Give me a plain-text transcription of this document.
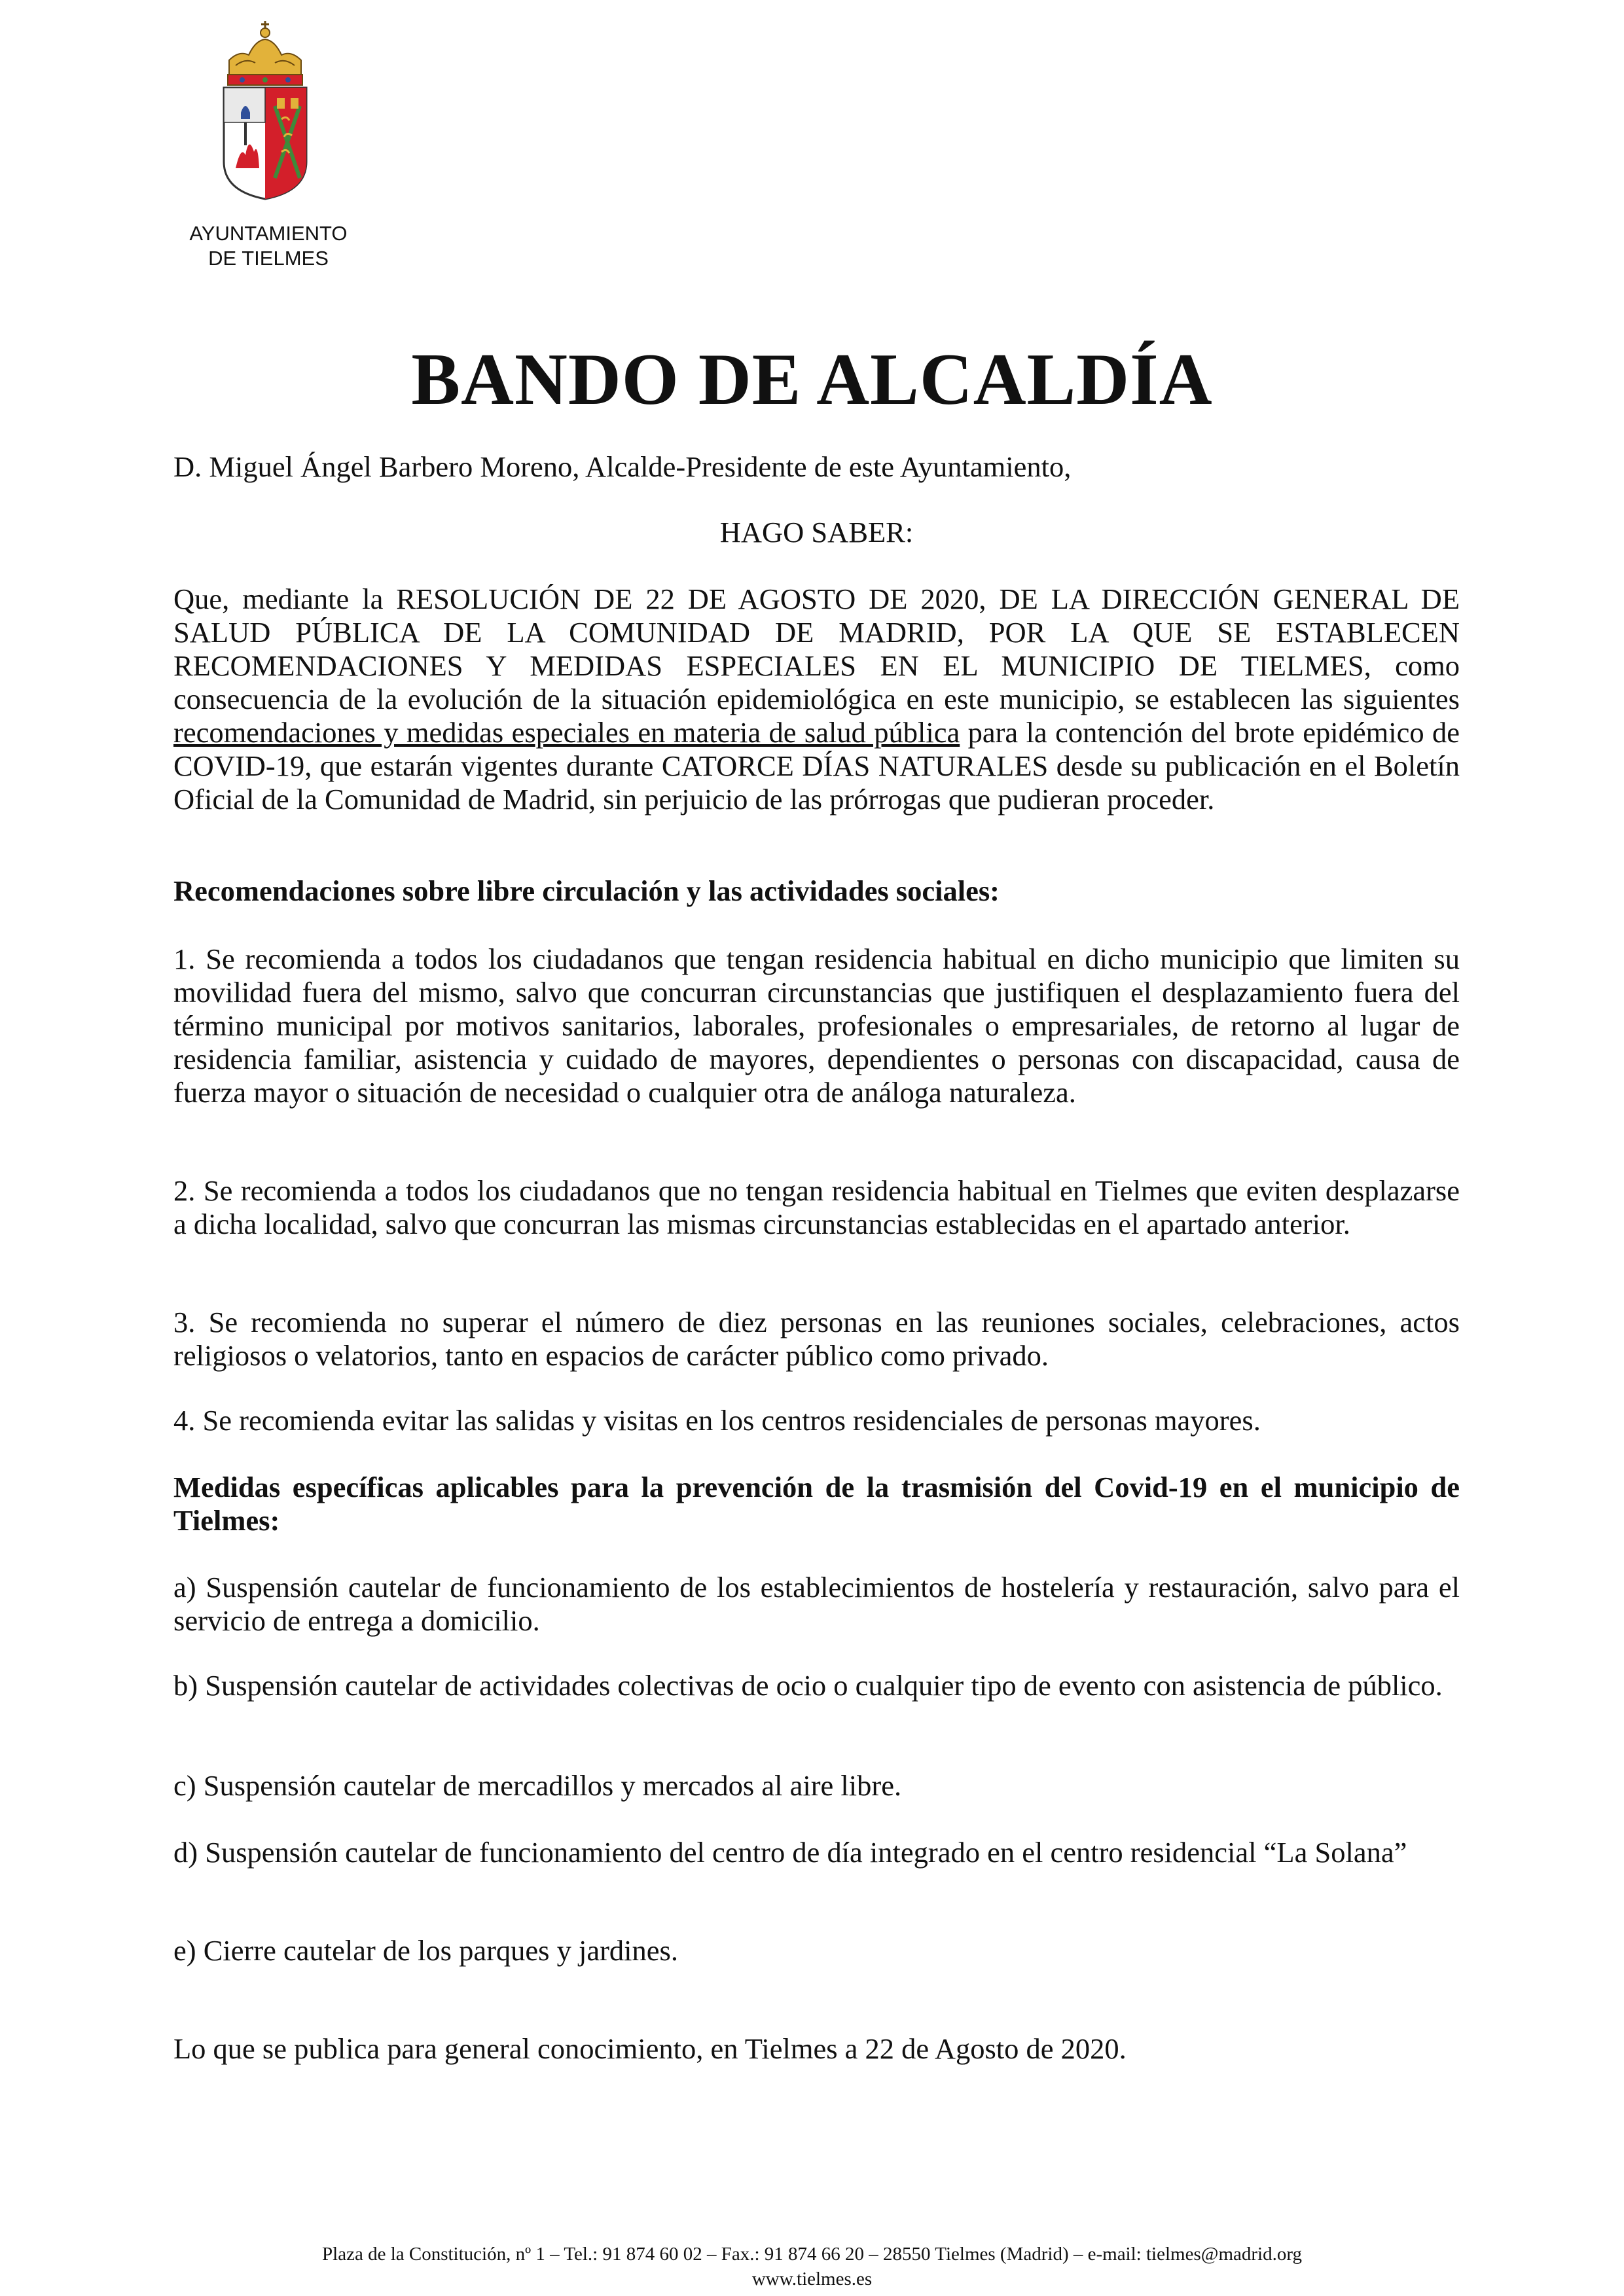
AYUNTAMIENTO
DE TIELMES
BANDO DE ALCALDÍA

D. Miguel Ángel Barbero Moreno, Alcalde-Presidente de este Ayuntamiento,

HAGO SABER:

Que, mediante la RESOLUCIÓN DE 22 DE AGOSTO DE 2020, DE LA DIRECCIÓN GENERAL DE SALUD PÚBLICA DE LA COMUNIDAD DE MADRID, POR LA QUE SE ESTABLECEN RECOMENDACIONES Y MEDIDAS ESPECIALES EN EL MUNICIPIO DE TIELMES, como consecuencia de la evolución de la situación epidemiológica en este municipio, se establecen las siguientes recomendaciones y medidas especiales en materia de salud pública para la contención del brote epidémico de COVID-19, que estarán vigentes durante CATORCE DÍAS NATURALES desde su publicación en el Boletín Oficial de la Comunidad de Madrid, sin perjuicio de las prórrogas que pudieran proceder.

Recomendaciones sobre libre circulación y las actividades sociales:

1. Se recomienda a todos los ciudadanos que tengan residencia habitual en dicho municipio que limiten su movilidad fuera del mismo, salvo que concurran circunstancias que justifiquen el desplazamiento fuera del término municipal por motivos sanitarios, laborales, profesionales o empresariales, de retorno al lugar de residencia familiar, asistencia y cuidado de mayores, dependientes o personas con discapacidad, causa de fuerza mayor o situación de necesidad o cualquier otra de análoga naturaleza.

2. Se recomienda a todos los ciudadanos que no tengan residencia habitual en Tielmes que eviten desplazarse a dicha localidad, salvo que concurran las mismas circunstancias establecidas en el apartado anterior.

3. Se recomienda no superar el número de diez personas en las reuniones sociales, celebraciones, actos religiosos o velatorios, tanto en espacios de carácter público como privado.

4. Se recomienda evitar las salidas y visitas en los centros residenciales de personas mayores.

Medidas específicas aplicables para la prevención de la trasmisión del Covid-19 en el municipio de Tielmes:

a) Suspensión cautelar de funcionamiento de los establecimientos de hostelería y restauración, salvo para el servicio de entrega a domicilio.

b) Suspensión cautelar de actividades colectivas de ocio o cualquier tipo de evento con asistencia de público.

c) Suspensión cautelar de mercadillos y mercados al aire libre.

d) Suspensión cautelar de funcionamiento del centro de día integrado en el centro residencial “La Solana”

e) Cierre cautelar de los parques y jardines.

Lo que se publica para general conocimiento, en Tielmes a 22 de Agosto de 2020.

Plaza de la Constitución, nº 1 – Tel.: 91 874 60 02 – Fax.: 91 874 66 20 – 28550 Tielmes (Madrid) – e-mail: tielmes@madrid.org
www.tielmes.es
